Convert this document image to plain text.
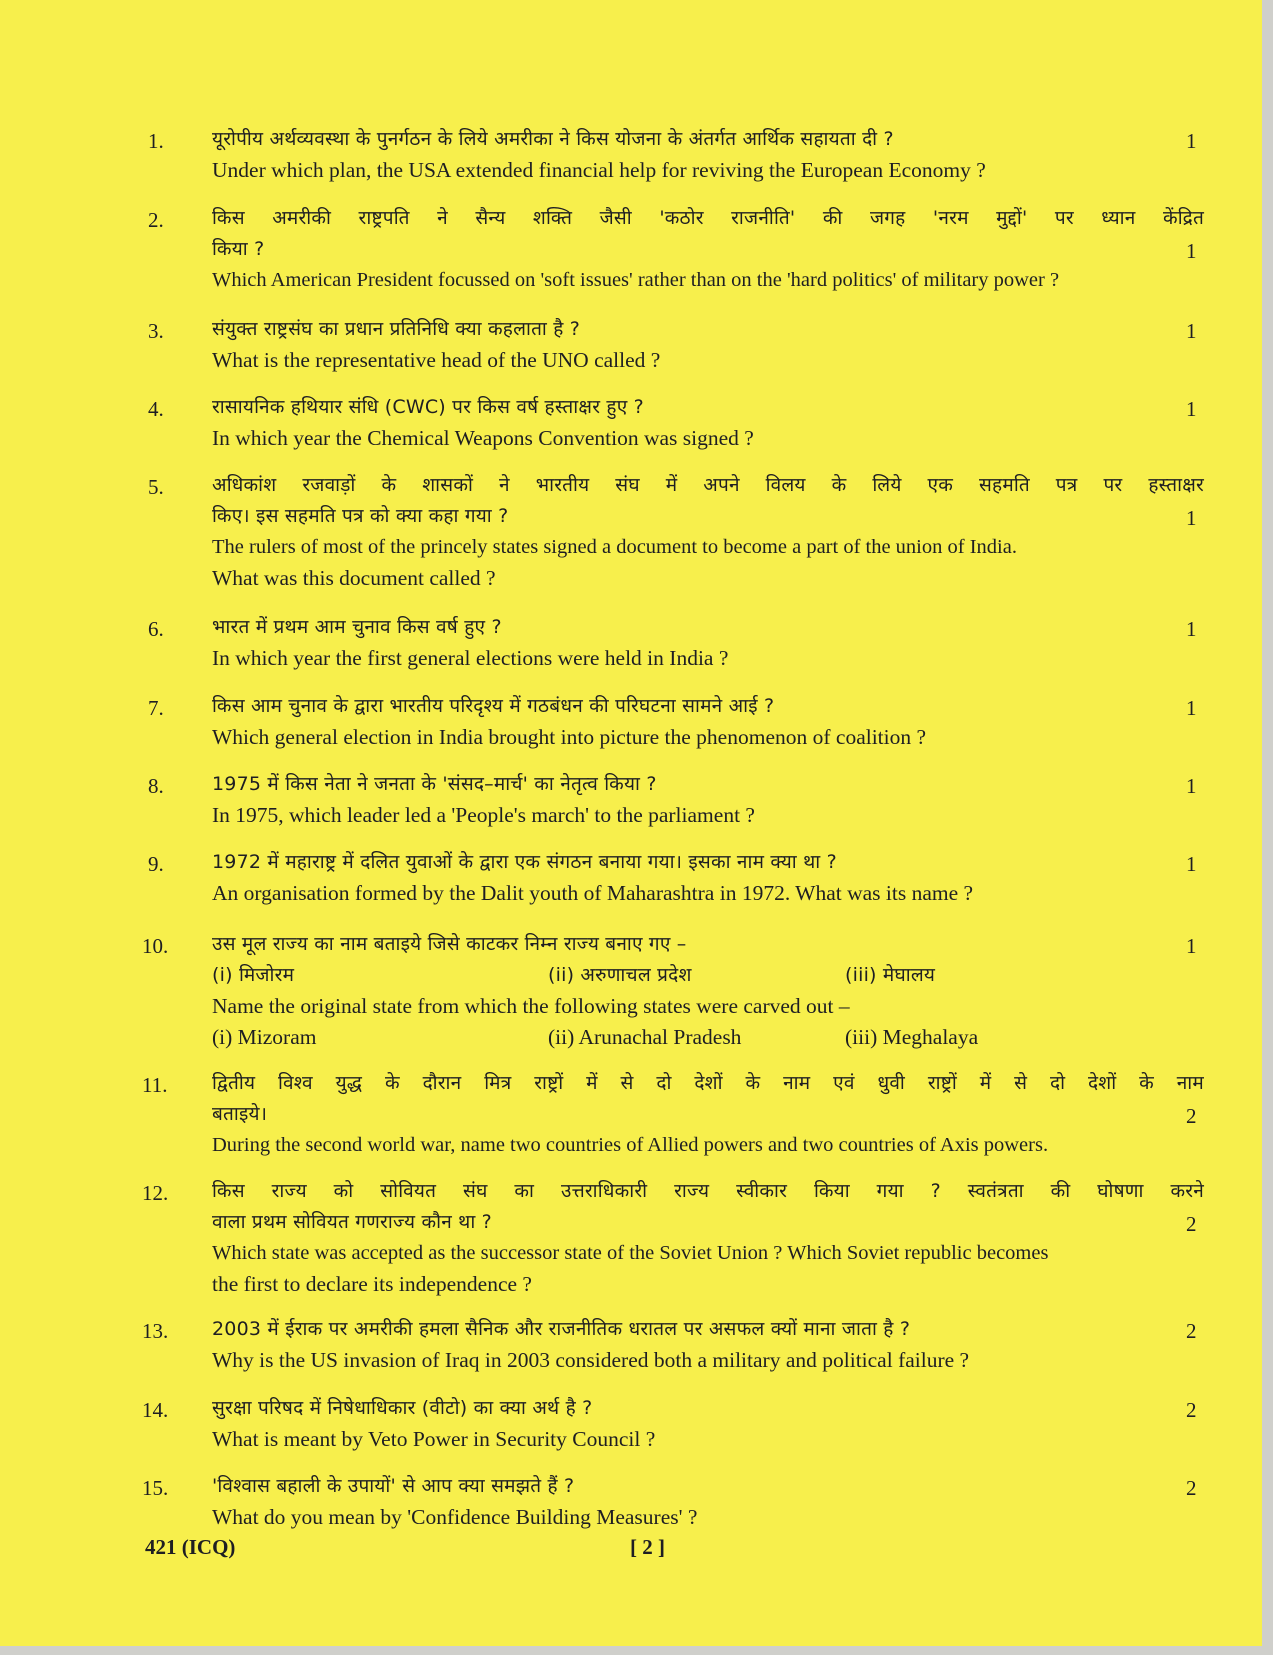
1.	यूरोपीय अर्थव्यवस्था के पुनर्गठन के लिये अमरीका ने किस योजना के अंतर्गत आर्थिक सहायता दी ?
Under which plan, the USA extended financial help for reviving the European Economy ?
1
2.	किस अमरीकी राष्ट्रपति ने सैन्य शक्ति जैसी 'कठोर राजनीति' की जगह 'नरम मुद्दों' पर ध्यान केंद्रित
किया ?
Which American President focussed on 'soft issues' rather than on the 'hard politics' of military power ?
1
3.	संयुक्त राष्ट्रसंघ का प्रधान प्रतिनिधि क्या कहलाता है ?
What is the representative head of the UNO called ?
1
4.	रासायनिक हथियार संधि (CWC) पर किस वर्ष हस्ताक्षर हुए ?
In which year the Chemical Weapons Convention was signed ?
1
5.	अधिकांश रजवाड़ों के शासकों ने भारतीय संघ में अपने विलय के लिये एक सहमति पत्र पर हस्ताक्षर
किए। इस सहमति पत्र को क्या कहा गया ?
The rulers of most of the princely states signed a document to become a part of the union of India.
What was this document called ?
1
6.	भारत में प्रथम आम चुनाव किस वर्ष हुए ?
In which year the first general elections were held in India ?
1
7.	किस आम चुनाव के द्वारा भारतीय परिदृश्य में गठबंधन की परिघटना सामने आई ?
Which general election in India brought into picture the phenomenon of coalition ?
1
8.	1975 में किस नेता ने जनता के 'संसद–मार्च' का नेतृत्व किया ?
In 1975, which leader led a 'People's march' to the parliament ?
1
9.	1972 में महाराष्ट्र में दलित युवाओं के द्वारा एक संगठन बनाया गया। इसका नाम क्या था ?
An organisation formed by the Dalit youth of Maharashtra in 1972. What was its name ?
1
10.	उस मूल राज्य का नाम बताइये जिसे काटकर निम्न राज्य बनाए गए –
(i) मिजोरम	(ii) अरुणाचल प्रदेश	(iii) मेघालय
Name the original state from which the following states were carved out –
(i) Mizoram	(ii) Arunachal Pradesh	(iii) Meghalaya
1
11.	द्वितीय विश्व युद्ध के दौरान मित्र राष्ट्रों में से दो देशों के नाम एवं धुवी राष्ट्रों में से दो देशों के नाम
बताइये।
During the second world war, name two countries of Allied powers and two countries of Axis powers.
2
12.	किस राज्य को सोवियत संघ का उत्तराधिकारी राज्य स्वीकार किया गया ? स्वतंत्रता की घोषणा करने
वाला प्रथम सोवियत गणराज्य कौन था ?
Which state was accepted as the successor state of the Soviet Union ? Which Soviet republic becomes
the first to declare its independence ?
2
13.	2003 में ईराक पर अमरीकी हमला सैनिक और राजनीतिक धरातल पर असफल क्यों माना जाता है ?
Why is the US invasion of Iraq in 2003 considered both a military and political failure ?
2
14.	सुरक्षा परिषद में निषेधाधिकार (वीटो) का क्या अर्थ है ?
What is meant by Veto Power in Security Council ?
2
15.	'विश्वास बहाली के उपायों' से आप क्या समझते हैं ?
What do you mean by 'Confidence Building Measures' ?
2
421 (ICQ)	[ 2 ]
